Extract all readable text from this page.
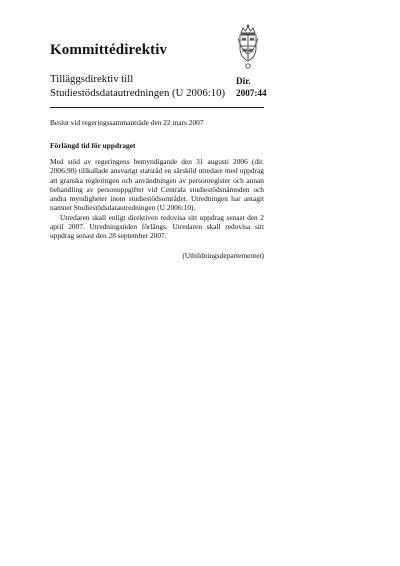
Kommittédirektiv
Tilläggsdirektiv till
Studiestödsdatautredningen (U 2006:10)
Dir.
2007:44
Beslut vid regeringssammanträde den 22 mars 2007
Förlängd tid för uppdraget

Med stöd av regeringens bemyndigande den 31 augusti 2006 (dir. 2006:90) tillkallade ansvarigt statsråd en särskild utredare med uppdrag att granska regleringen och användningen av personregister och annan behandling av personuppgifter vid Centrala studiestödsnämnden och andra myndigheter inom studiestödsområdet. Utredningen har antagit namnet Studiestödsdatautredningen (U 2006:10).

Utredaren skall enligt direktiven redovisa sitt uppdrag senast den 2 april 2007. Utredningstiden förlängs. Utredaren skall redovisa sitt uppdrag senast den 28 september 2007.

(Utbildningsdepartementet)
